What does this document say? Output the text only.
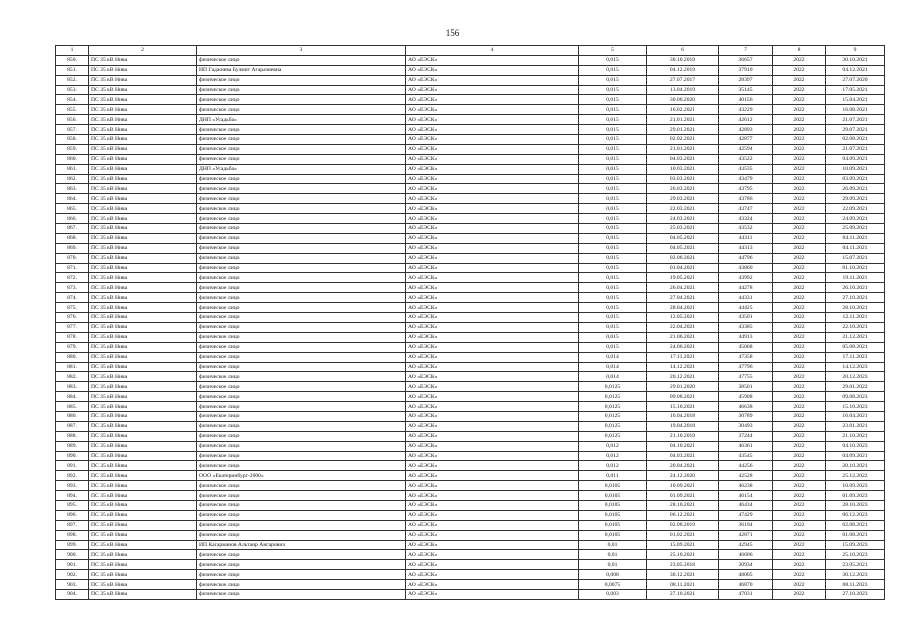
156
1	2	3	4	5	6	7	8	9
850.	ПС 35 кВ Нива	физическое лицо	АО «ЕЭСК»	0,015	30.10.2019	36657	2022	30.10.2021
851.	ПС 35 кВ Нива	ИП Гаджиева Булмит Агаразиевна	АО «ЕЭСК»	0,015	04.12.2019	37910	2022	04.12.2021
852.	ПС 35 кВ Нива	физическое лицо	АО «ЕЭСК»	0,015	27.07.2017	28397	2022	27.07.2020
853.	ПС 35 кВ Нива	физическое лицо	АО «ЕЭСК»	0,015	13.04.2019	35145	2022	17.05.2021
854.	ПС 35 кВ Нива	физическое лицо	АО «ЕЭСК»	0,015	30.06.2020	40156	2022	15.04.2021
855.	ПС 35 кВ Нива	физическое лицо	АО «ЕЭСК»	0,015	16.02.2021	43229	2022	16.08.2021
856.	ПС 35 кВ Нива	ДНП «Усадьба»	АО «ЕЭСК»	0,015	21.01.2021	42612	2022	21.07.2021
857.	ПС 35 кВ Нива	физическое лицо	АО «ЕЭСК»	0,015	29.01.2021	42893	2022	29.07.2021
858.	ПС 35 кВ Нива	физическое лицо	АО «ЕЭСК»	0,015	02.02.2021	42877	2022	02.08.2021
859.	ПС 35 кВ Нива	физическое лицо	АО «ЕЭСК»	0,015	21.01.2021	42594	2022	21.07.2021
860.	ПС 35 кВ Нива	физическое лицо	АО «ЕЭСК»	0,015	04.03.2021	43522	2022	04.09.2021
861.	ПС 35 кВ Нива	ДНП «Усадьба»	АО «ЕЭСК»	0,015	10.03.2021	43535	2022	10.09.2021
862.	ПС 35 кВ Нива	физическое лицо	АО «ЕЭСК»	0,015	03.03.2021	43479	2022	03.09.2021
863.	ПС 35 кВ Нива	физическое лицо	АО «ЕЭСК»	0,015	26.03.2021	43795	2022	26.09.2021
864.	ПС 35 кВ Нива	физическое лицо	АО «ЕЭСК»	0,015	29.03.2021	43786	2022	29.09.2021
865.	ПС 35 кВ Нива	физическое лицо	АО «ЕЭСК»	0,015	22.03.2021	43747	2022	22.09.2021
866.	ПС 35 кВ Нива	физическое лицо	АО «ЕЭСК»	0,015	24.03.2021	43324	2022	24.09.2021
867.	ПС 35 кВ Нива	физическое лицо	АО «ЕЭСК»	0,015	25.03.2021	43532	2022	25.09.2021
868.	ПС 35 кВ Нива	физическое лицо	АО «ЕЭСК»	0,015	04.05.2021	44311	2022	04.11.2021
869.	ПС 35 кВ Нива	физическое лицо	АО «ЕЭСК»	0,015	04.05.2021	44313	2022	04.11.2021
870.	ПС 35 кВ Нива	физическое лицо	АО «ЕЭСК»	0,015	02.06.2021	44796	2022	15.07.2021
871.	ПС 35 кВ Нива	физическое лицо	АО «ЕЭСК»	0,015	01.04.2021	43860	2022	01.10.2021
872.	ПС 35 кВ Нива	физическое лицо	АО «ЕЭСК»	0,015	19.05.2021	43992	2022	19.11.2021
873.	ПС 35 кВ Нива	физическое лицо	АО «ЕЭСК»	0,015	26.04.2021	44278	2022	26.10.2021
874.	ПС 35 кВ Нива	физическое лицо	АО «ЕЭСК»	0,015	27.04.2021	44331	2022	27.10.2021
875.	ПС 35 кВ Нива	физическое лицо	АО «ЕЭСК»	0,015	28.04.2021	44425	2022	28.10.2021
876.	ПС 35 кВ Нива	физическое лицо	АО «ЕЭСК»	0,015	12.05.2021	43501	2022	12.11.2021
877.	ПС 35 кВ Нива	физическое лицо	АО «ЕЭСК»	0,015	22.04.2021	43385	2022	22.10.2021
878.	ПС 35 кВ Нива	физическое лицо	АО «ЕЭСК»	0,015	21.06.2021	44913	2022	21.12.2021
879.	ПС 35 кВ Нива	физическое лицо	АО «ЕЭСК»	0,015	24.06.2021	45068	2022	05.08.2021
880.	ПС 35 кВ Нива	физическое лицо	АО «ЕЭСК»	0,014	17.11.2021	47358	2022	17.11.2023
881.	ПС 35 кВ Нива	физическое лицо	АО «ЕЭСК»	0,014	14.12.2021	47796	2022	14.12.2023
882.	ПС 35 кВ Нива	физическое лицо	АО «ЕЭСК»	0,014	20.12.2021	47755	2022	20.12.2023
883.	ПС 35 кВ Нива	физическое лицо	АО «ЕЭСК»	0,0125	29.01.2020	38501	2022	29.01.2022
884.	ПС 35 кВ Нива	физическое лицо	АО «ЕЭСК»	0,0125	09.08.2021	45908	2022	09.08.2023
885.	ПС 35 кВ Нива	физическое лицо	АО «ЕЭСК»	0,0125	15.10.2021	46638	2022	15.10.2023
886.	ПС 35 кВ Нива	физическое лицо	АО «ЕЭСК»	0,0125	16.04.2018	30789	2022	16.04.2021
887.	ПС 35 кВ Нива	физическое лицо	АО «ЕЭСК»	0,0125	19.04.2018	30493	2022	23.01.2021
888.	ПС 35 кВ Нива	физическое лицо	АО «ЕЭСК»	0,0125	21.10.2019	37244	2022	21.10.2021
889.	ПС 35 кВ Нива	физическое лицо	АО «ЕЭСК»	0,012	04.10.2021	46361	2022	04.10.2023
890.	ПС 35 кВ Нива	физическое лицо	АО «ЕЭСК»	0,012	04.03.2021	43545	2022	04.09.2021
891.	ПС 35 кВ Нива	физическое лицо	АО «ЕЭСК»	0,012	20.04.2021	44256	2022	20.10.2021
892.	ПС 35 кВ Нива	ООО «Екатеринбург-2000»	АО «ЕЭСК»	0,011	24.12.2020	42528	2022	25.12.2022
893.	ПС 35 кВ Нива	физическое лицо	АО «ЕЭСК»	0,0105	10.09.2021	46238	2022	10.09.2023
894.	ПС 35 кВ Нива	физическое лицо	АО «ЕЭСК»	0,0105	01.09.2021	46154	2022	01.09.2023
895.	ПС 35 кВ Нива	физическое лицо	АО «ЕЭСК»	0,0105	28.10.2021	46434	2022	28.10.2023
896.	ПС 35 кВ Нива	физическое лицо	АО «ЕЭСК»	0,0105	06.12.2021	47429	2022	06.12.2023
897.	ПС 35 кВ Нива	физическое лицо	АО «ЕЭСК»	0,0105	02.08.2019	36194	2022	02.08.2021
898.	ПС 35 кВ Нива	физическое лицо	АО «ЕЭСК»	0,0105	01.02.2021	42871	2022	01.08.2021
899.	ПС 35 кВ Нива	ИП Кагарманов Альтаир Ангарович	АО «ЕЭСК»	0,01	15.09.2021	42945	2022	15.09.2023
900.	ПС 35 кВ Нива	физическое лицо	АО «ЕЭСК»	0,01	25.10.2021	46606	2022	25.10.2023
901.	ПС 35 кВ Нива	физическое лицо	АО «ЕЭСК»	0,01	23.05.2018	30934	2022	23.05.2021
902.	ПС 35 кВ Нива	физическое лицо	АО «ЕЭСК»	0,008	30.12.2021	48005	2022	30.12.2023
903.	ПС 35 кВ Нива	физическое лицо	АО «ЕЭСК»	0,0075	08.11.2021	46870	2022	08.11.2023
904.	ПС 35 кВ Нива	физическое лицо	АО «ЕЭСК»	0,003	27.10.2021	47031	2022	27.10.2023
